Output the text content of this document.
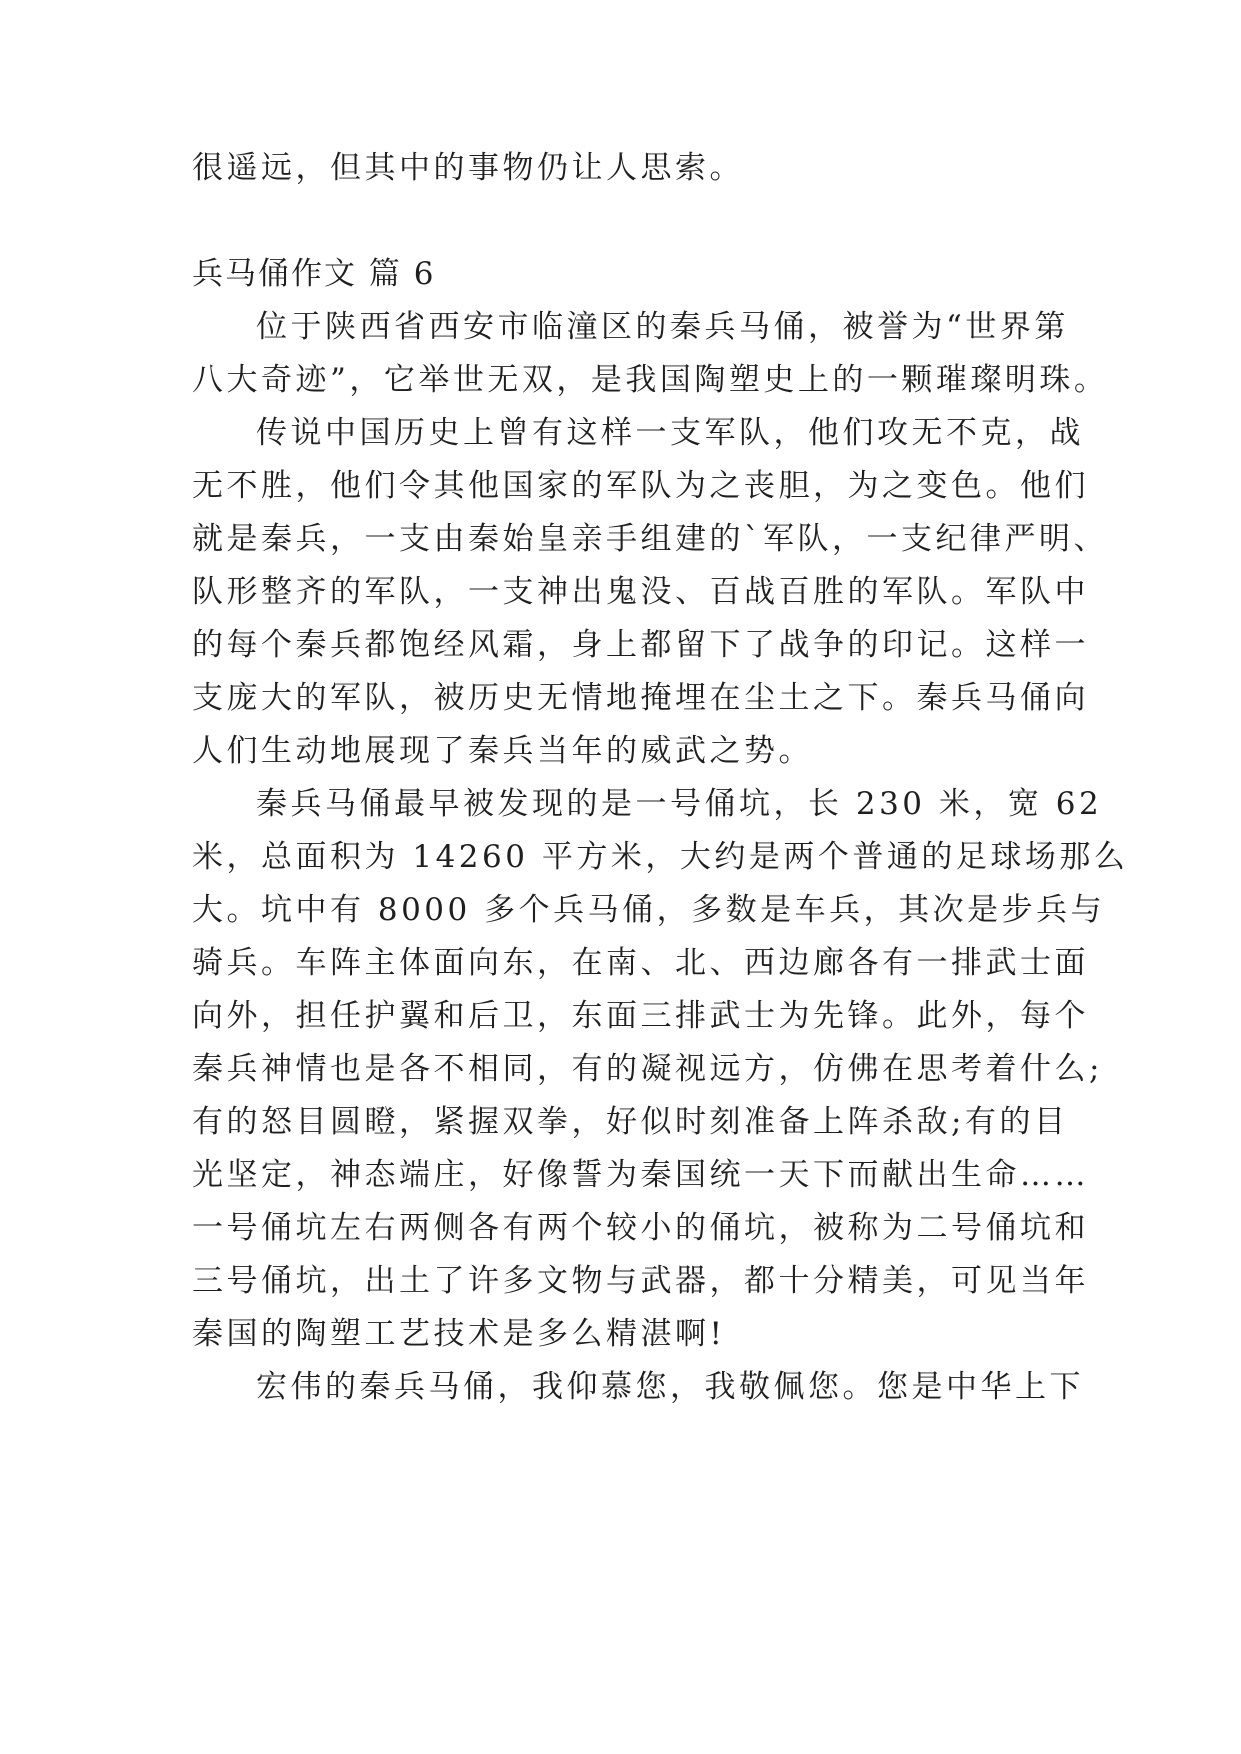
很遥远，但其中的事物仍让人思索。
兵马俑作文 篇 6
位于陕西省西安市临潼区的秦兵马俑，被誉为“世界第
八大奇迹”，它举世无双，是我国陶塑史上的一颗璀璨明珠。
传说中国历史上曾有这样一支军队，他们攻无不克，战
无不胜，他们令其他国家的军队为之丧胆，为之变色。他们
就是秦兵，一支由秦始皇亲手组建的`军队，一支纪律严明、
队形整齐的军队，一支神出鬼没、百战百胜的军队。军队中
的每个秦兵都饱经风霜，身上都留下了战争的印记。这样一
支庞大的军队，被历史无情地掩埋在尘土之下。秦兵马俑向
人们生动地展现了秦兵当年的威武之势。
秦兵马俑最早被发现的是一号俑坑，长 230 米，宽 62
米，总面积为 14260 平方米，大约是两个普通的足球场那么
大。坑中有 8000 多个兵马俑，多数是车兵，其次是步兵与
骑兵。车阵主体面向东，在南、北、西边廊各有一排武士面
向外，担任护翼和后卫，东面三排武士为先锋。此外，每个
秦兵神情也是各不相同，有的凝视远方，仿佛在思考着什么;
有的怒目圆瞪，紧握双拳，好似时刻准备上阵杀敌;有的目
光坚定，神态端庄，好像誓为秦国统一天下而献出生命……
一号俑坑左右两侧各有两个较小的俑坑，被称为二号俑坑和
三号俑坑，出土了许多文物与武器，都十分精美，可见当年
秦国的陶塑工艺技术是多么精湛啊!
宏伟的秦兵马俑，我仰慕您，我敬佩您。您是中华上下
